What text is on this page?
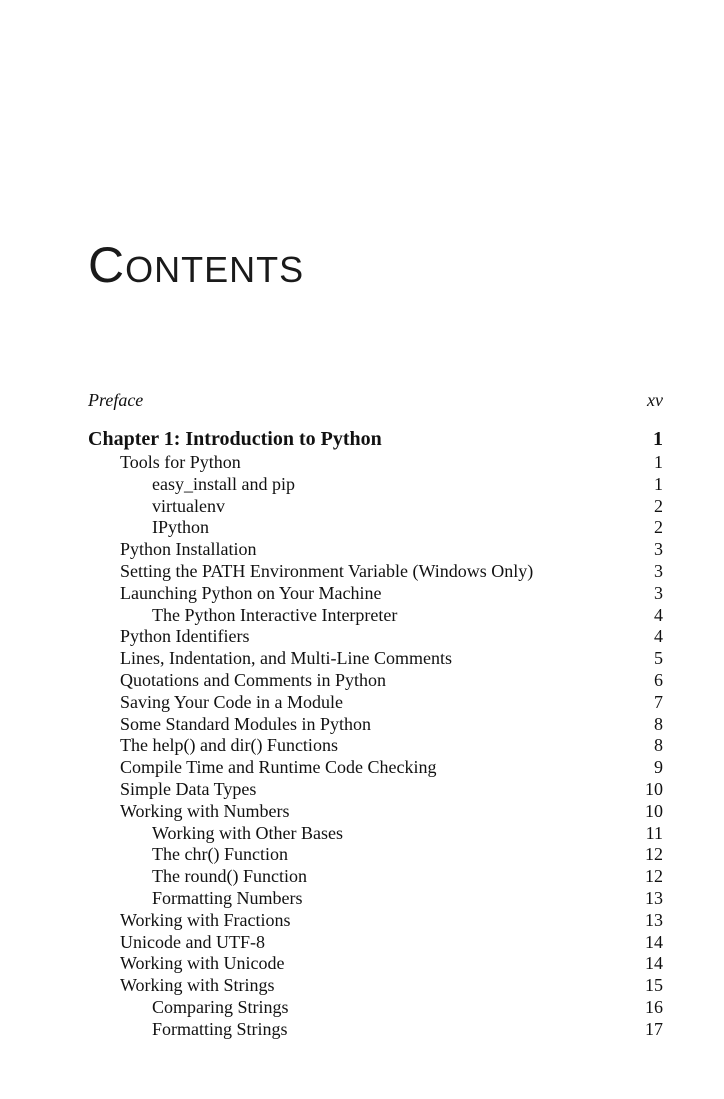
CONTENTS
Preface	xv
Chapter 1: Introduction to Python	1
Tools for Python	1
easy_install and pip	1
virtualenv	2
IPython	2
Python Installation	3
Setting the PATH Environment Variable (Windows Only)	3
Launching Python on Your Machine	3
The Python Interactive Interpreter	4
Python Identifiers	4
Lines, Indentation, and Multi-Line Comments	5
Quotations and Comments in Python	6
Saving Your Code in a Module	7
Some Standard Modules in Python	8
The help() and dir() Functions	8
Compile Time and Runtime Code Checking	9
Simple Data Types	10
Working with Numbers	10
Working with Other Bases	11
The chr() Function	12
The round() Function	12
Formatting Numbers	13
Working with Fractions	13
Unicode and UTF-8	14
Working with Unicode	14
Working with Strings	15
Comparing Strings	16
Formatting Strings	17
